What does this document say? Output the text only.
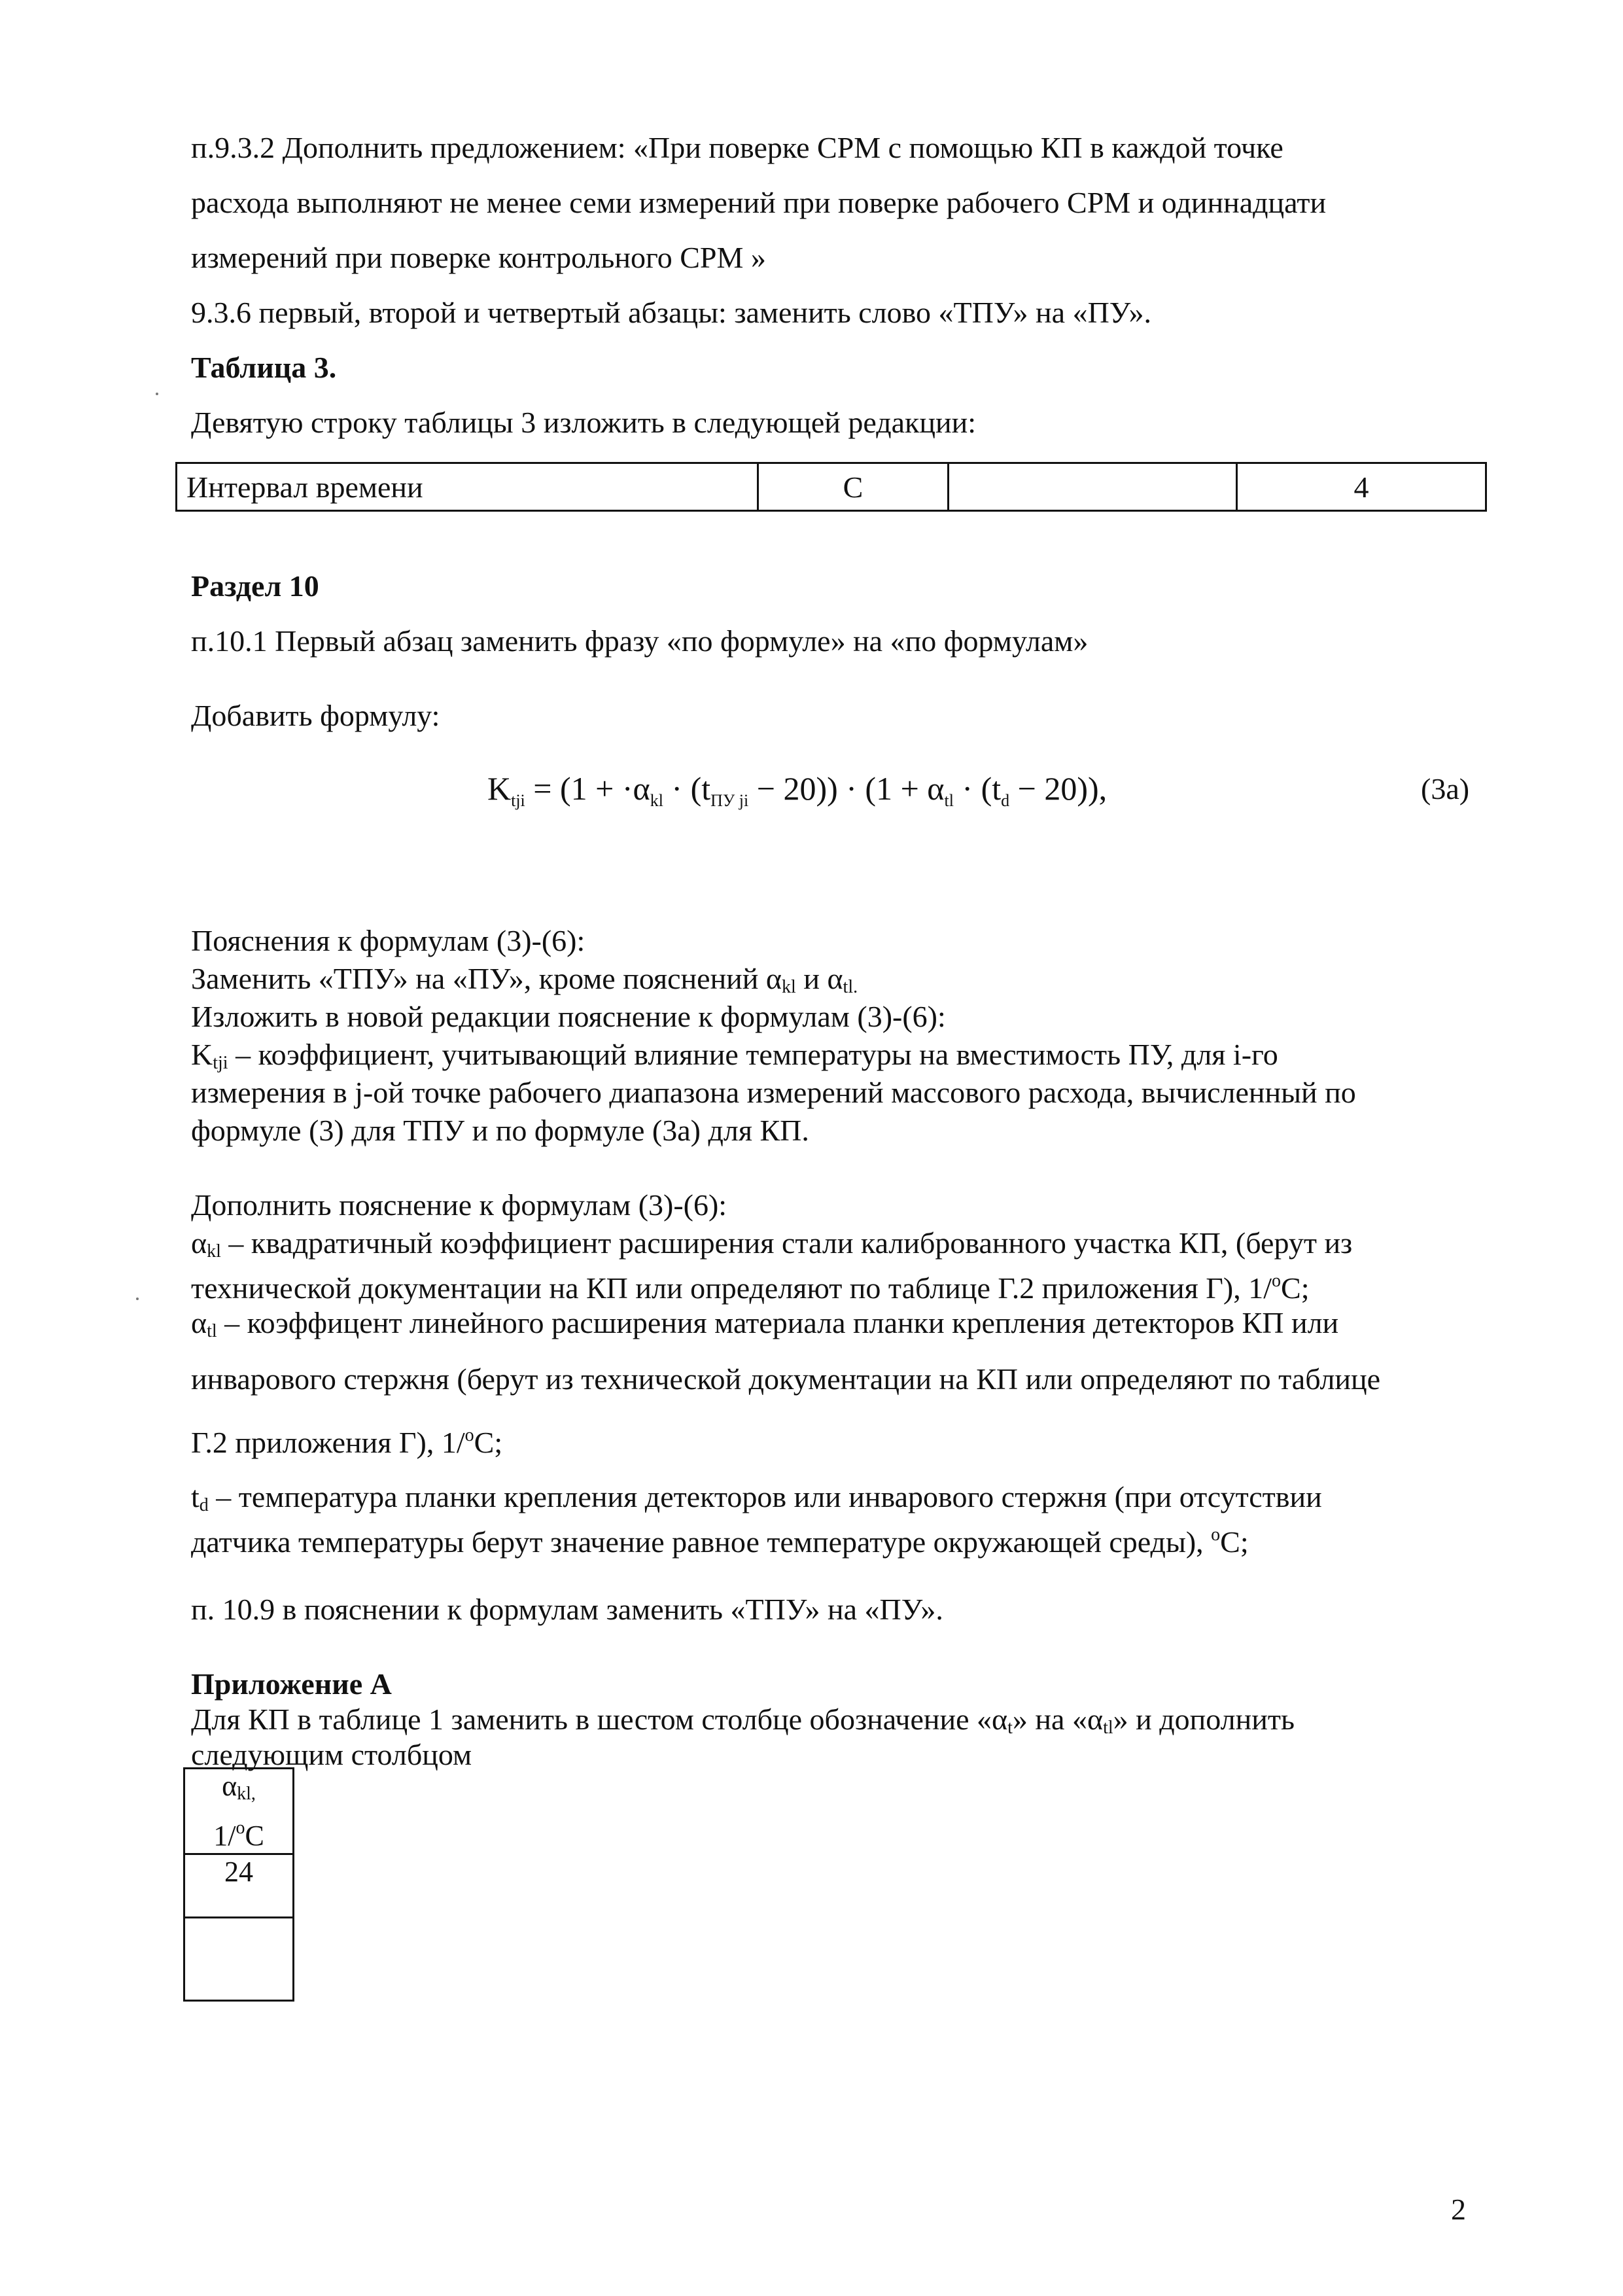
п.9.3.2 Дополнить предложением: «При поверке СРМ с помощью КП в каждой точке
расхода выполняют не менее семи измерений при поверке рабочего СРМ и одиннадцати
измерений при поверке контрольного СРМ »
9.3.6 первый, второй и четвертый абзацы: заменить слово «ТПУ» на «ПУ».
Таблица 3.
Девятую строку таблицы 3 изложить в следующей редакции:
Интервал времени	С		4
Раздел 10
п.10.1 Первый абзац заменить фразу «по формуле» на «по формулам»
Добавить формулу:
$K_{tji} = (1 + \cdot\alpha_{kl} \cdot (t_{ПУ ji} - 20)) \cdot (1 + \alpha_{tl} \cdot (t_d - 20))$,	(3а)
Пояснения к формулам (3)-(6):
Заменить «ТПУ» на «ПУ», кроме пояснений $\alpha_{kl}$ и $\alpha_{tl.}$
Изложить в новой редакции пояснение к формулам (3)-(6):
$K_{tji}$ – коэффициент, учитывающий влияние температуры на вместимость ПУ, для i-го
измерения в j-ой точке рабочего диапазона измерений массового расхода, вычисленный по
формуле (3) для ТПУ и по формуле (3а) для КП.
Дополнить пояснение к формулам (3)-(6):
$\alpha_{kl}$ – квадратичный коэффициент расширения стали калиброванного участка КП, (берут из
технической документации на КП или определяют по таблице Г.2 приложения Г), 1/$^o$С;
$\alpha_{tl}$ – коэффицент линейного расширения материала планки крепления детекторов КП или
инварового стержня (берут из технической документации на КП или определяют по таблице
Г.2 приложения Г), 1/$^o$С;
$t_d$ – температура планки крепления детекторов или инварового стержня (при отсутствии
датчика температуры берут значение равное температуре окружающей среды), $^o$С;
п. 10.9 в пояснении к формулам заменить «ТПУ» на «ПУ».
Приложение А
Для КП в таблице 1 заменить в шестом столбце обозначение «$\alpha_t$» на «$\alpha_{tl}$» и дополнить
следующим столбцом
$\alpha_{kl,}$
1/$^o$С

24

2
